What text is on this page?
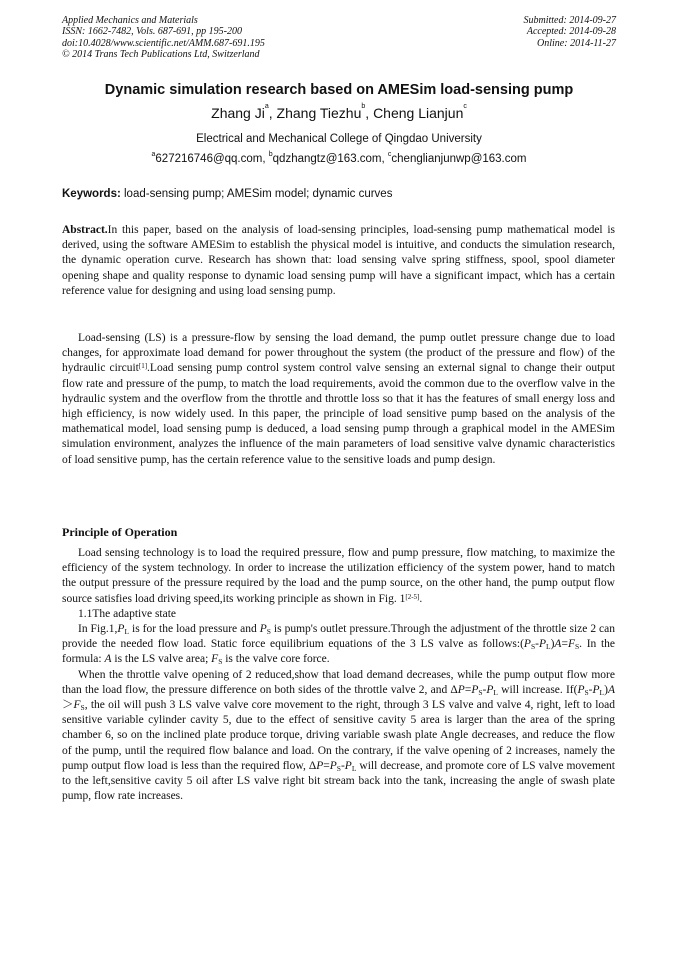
Applied Mechanics and Materials
ISSN: 1662-7482, Vols. 687-691, pp 195-200
doi:10.4028/www.scientific.net/AMM.687-691.195
© 2014 Trans Tech Publications Ltd, Switzerland
Submitted: 2014-09-27
Accepted: 2014-09-28
Online: 2014-11-27
Dynamic simulation research based on AMESim load-sensing pump
Zhang Ji$^a$, Zhang Tiezhu$^b$, Cheng Lianjun$^c$
Electrical and Mechanical College of Qingdao University
$^a$627216746@qq.com, $^b$qdzhangtz@163.com, $^c$chenglianjunwp@163.com
Keywords: load-sensing pump; AMESim model; dynamic curves
Abstract.In this paper, based on the analysis of load-sensing principles, load-sensing pump mathematical model is derived, using the software AMESim to establish the physical model is intuitive, and conducts the simulation research, the dynamic operation curve. Research has shown that: load sensing valve spring stiffness, spool, spool diameter opening shape and quality response to dynamic load sensing pump will have a significant impact, which has a certain reference value for designing and using load sensing pump.
Load-sensing (LS) is a pressure-flow by sensing the load demand, the pump outlet pressure change due to load changes, for approximate load demand for power throughout the system (the product of the pressure and flow) of the hydraulic circuit[1].Load sensing pump control system control valve sensing an external signal to change their output flow rate and pressure of the pump, to match the load requirements, avoid the common due to the overflow valve in the hydraulic system and the overflow from the throttle and throttle loss so that it has the features of small energy loss and high efficiency, is now widely used. In this paper, the principle of load sensitive pump based on the analysis of the mathematical model, load sensing pump is deduced, a load sensing pump through a graphical model in the AMESim simulation environment, analyzes the influence of the main parameters of load sensitive valve dynamic characteristics of load sensitive pump, has the certain reference value to the sensitive loads and pump design.
Principle of Operation

Load sensing technology is to load the required pressure, flow and pump pressure, flow matching, to maximize the efficiency of the system technology. In order to increase the utilization efficiency of the system power, hand to match the output pressure of the pressure required by the load and the pump source, on the other hand, the pump output flow source satisfies load driving speed,its working principle as shown in Fig. 1[2-5].

1.1The adaptive state

In $Fig.1,P_L$ is for the load pressure and $P_S$ is pump's outlet pressure.Through the adjustment of the throttle size 2 can provide the needed flow load. Static force equilibrium equations of the 3 LS valve as $follows:(P_S-P_L)A=F_S$. In the formula: A is the LS valve area; $F_S$ is the valve core force.

When the throttle valve opening of 2 reduced,show that load demand decreases, while the pump output flow more than the load flow, the pressure difference on both sides of the throttle valve 2, and $\Delta P=P_S-P_L$ will increase. $If(P_S-P_L)A>F_S$, the oil will push 3 LS valve valve core movement to the right, through 3 LS valve and valve 4, right, left to load sensitive variable cylinder cavity 5, due to the effect of sensitive cavity 5 area is larger than the area of the spring chamber 6, so on the inclined plate produce torque, driving variable swash plate Angle decreases, and reduce the flow of the pump, until the required flow balance and load. On the contrary, if the valve opening of 2 increases, namely the pump output flow load is less than the required flow, $\Delta P=P_S-P_L$ will decrease, and promote core of LS valve movement to the left,sensitive cavity 5 oil after LS valve right bit stream back into the tank, increasing the angle of swash plate pump, flow rate increases.
